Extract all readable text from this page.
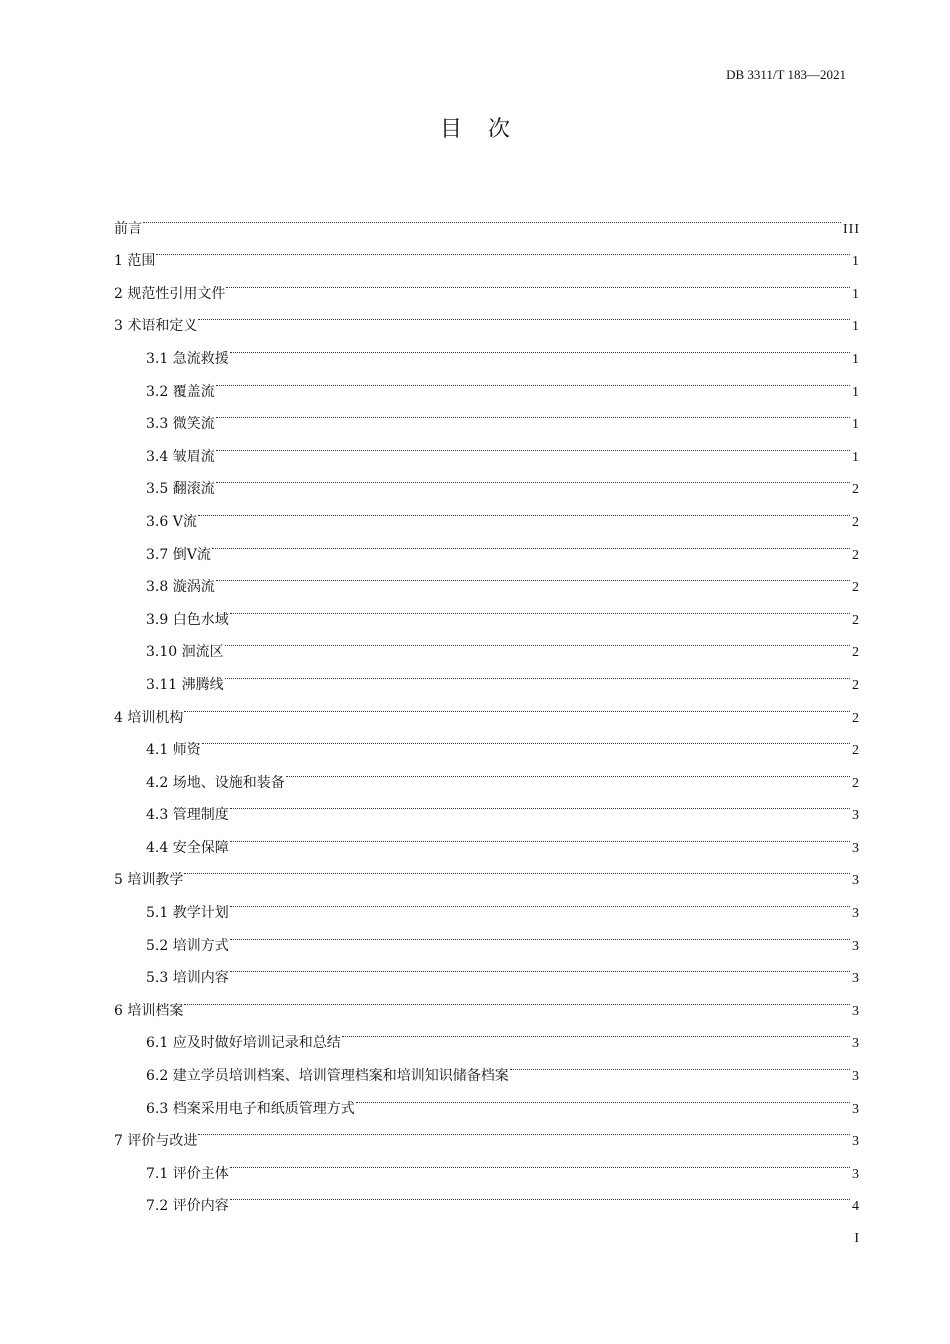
DB 3311/T 183—2021
目次
前言	III
1 范围	1
2 规范性引用文件	1
3 术语和定义	1
3.1 急流救援	1
3.2 覆盖流	1
3.3 微笑流	1
3.4 皱眉流	1
3.5 翻滚流	2
3.6 V流	2
3.7 倒V流	2
3.8 漩涡流	2
3.9 白色水域	2
3.10 洄流区	2
3.11 沸腾线	2
4 培训机构	2
4.1 师资	2
4.2 场地、设施和装备	2
4.3 管理制度	3
4.4 安全保障	3
5 培训教学	3
5.1 教学计划	3
5.2 培训方式	3
5.3 培训内容	3
6 培训档案	3
6.1 应及时做好培训记录和总结	3
6.2 建立学员培训档案、培训管理档案和培训知识储备档案	3
6.3 档案采用电子和纸质管理方式	3
7 评价与改进	3
7.1 评价主体	3
7.2 评价内容	4
I
